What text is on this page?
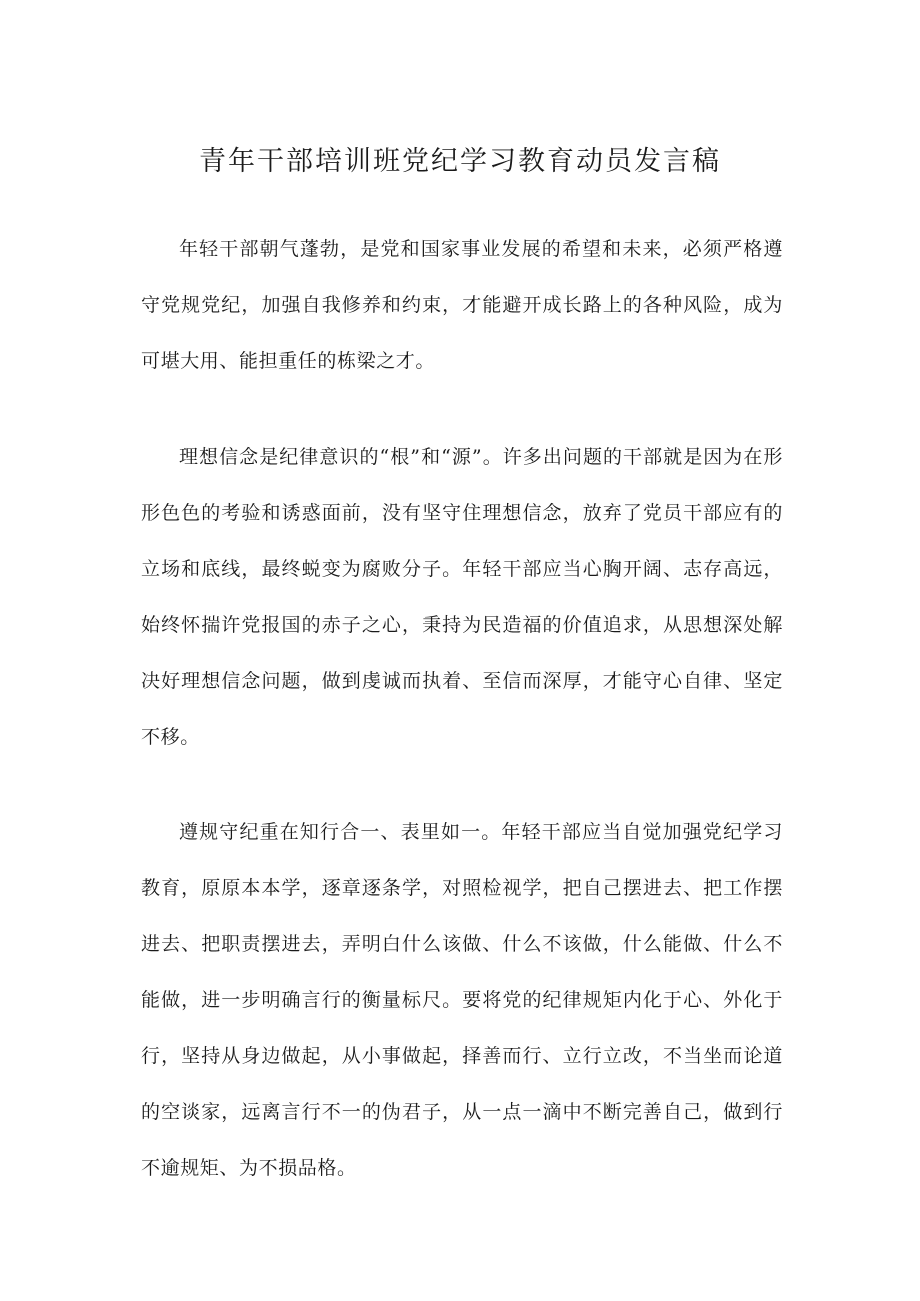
青年干部培训班党纪学习教育动员发言稿

年轻干部朝气蓬勃，是党和国家事业发展的希望和未来，必须严格遵守党规党纪，加强自我修养和约束，才能避开成长路上的各种风险，成为可堪大用、能担重任的栋梁之才。

理想信念是纪律意识的“根”和“源”。许多出问题的干部就是因为在形形色色的考验和诱惑面前，没有坚守住理想信念，放弃了党员干部应有的立场和底线，最终蜕变为腐败分子。年轻干部应当心胸开阔、志存高远，始终怀揣许党报国的赤子之心，秉持为民造福的价值追求，从思想深处解决好理想信念问题，做到虔诚而执着、至信而深厚，才能守心自律、坚定不移。

遵规守纪重在知行合一、表里如一。年轻干部应当自觉加强党纪学习教育，原原本本学，逐章逐条学，对照检视学，把自己摆进去、把工作摆进去、把职责摆进去，弄明白什么该做、什么不该做，什么能做、什么不能做，进一步明确言行的衡量标尺。要将党的纪律规矩内化于心、外化于行，坚持从身边做起，从小事做起，择善而行、立行立改，不当坐而论道的空谈家，远离言行不一的伪君子，从一点一滴中不断完善自己，做到行不逾规矩、为不损品格。
